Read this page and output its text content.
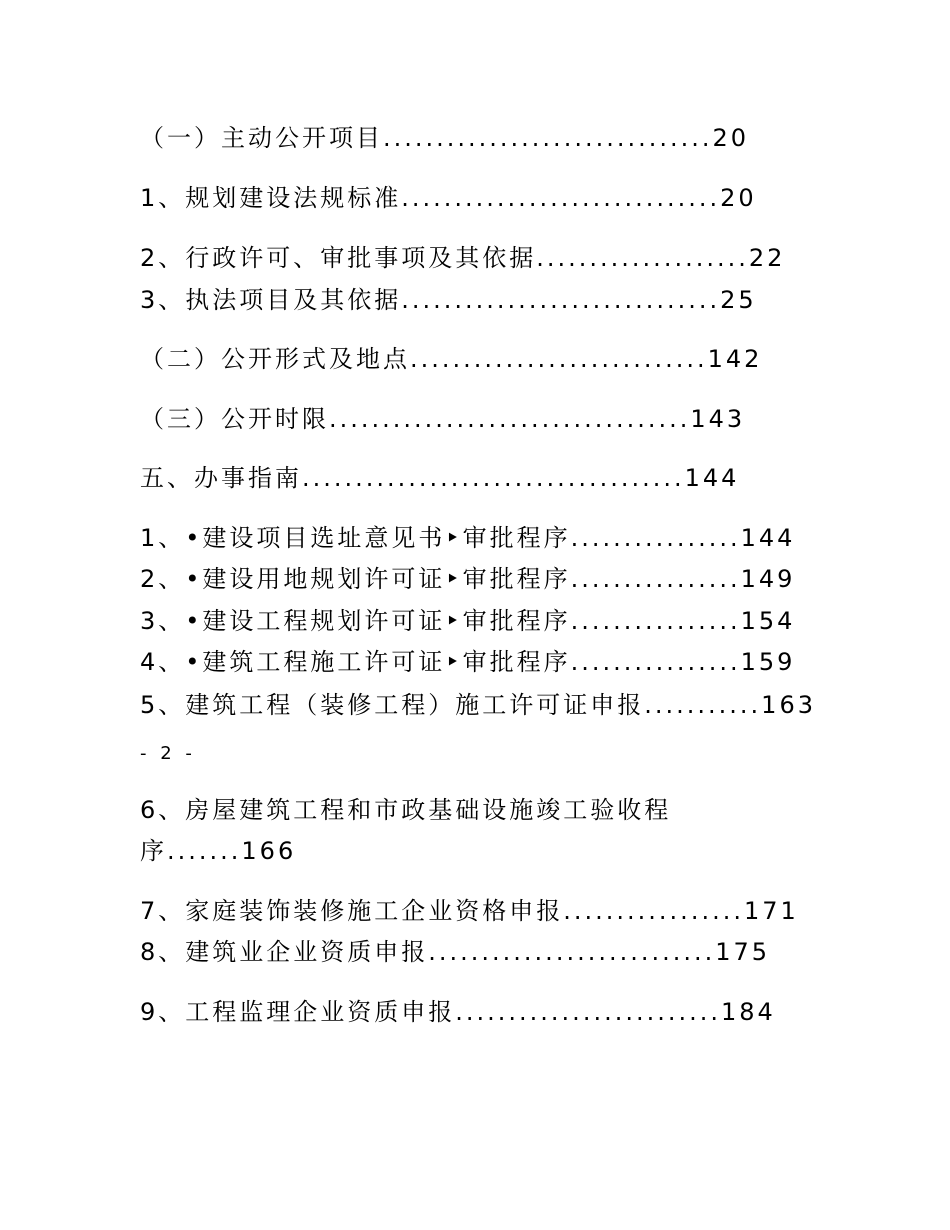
（一）主动公开项目...............................20
1、规划建设法规标准..............................20
2、行政许可、审批事项及其依据....................22
3、执法项目及其依据..............................25
（二）公开形式及地点............................142
（三）公开时限..................................143
五、办事指南....................................144
1、•建设项目选址意见书‣审批程序................144
2、•建设用地规划许可证‣审批程序................149
3、•建设工程规划许可证‣审批程序................154
4、•建筑工程施工许可证‣审批程序................159
5、建筑工程（装修工程）施工许可证申报...........163
- 2 -
6、房屋建筑工程和市政基础设施竣工验收程
序.......166
7、家庭装饰装修施工企业资格申报.................171
8、建筑业企业资质申报...........................175
9、工程监理企业资质申报.........................184
